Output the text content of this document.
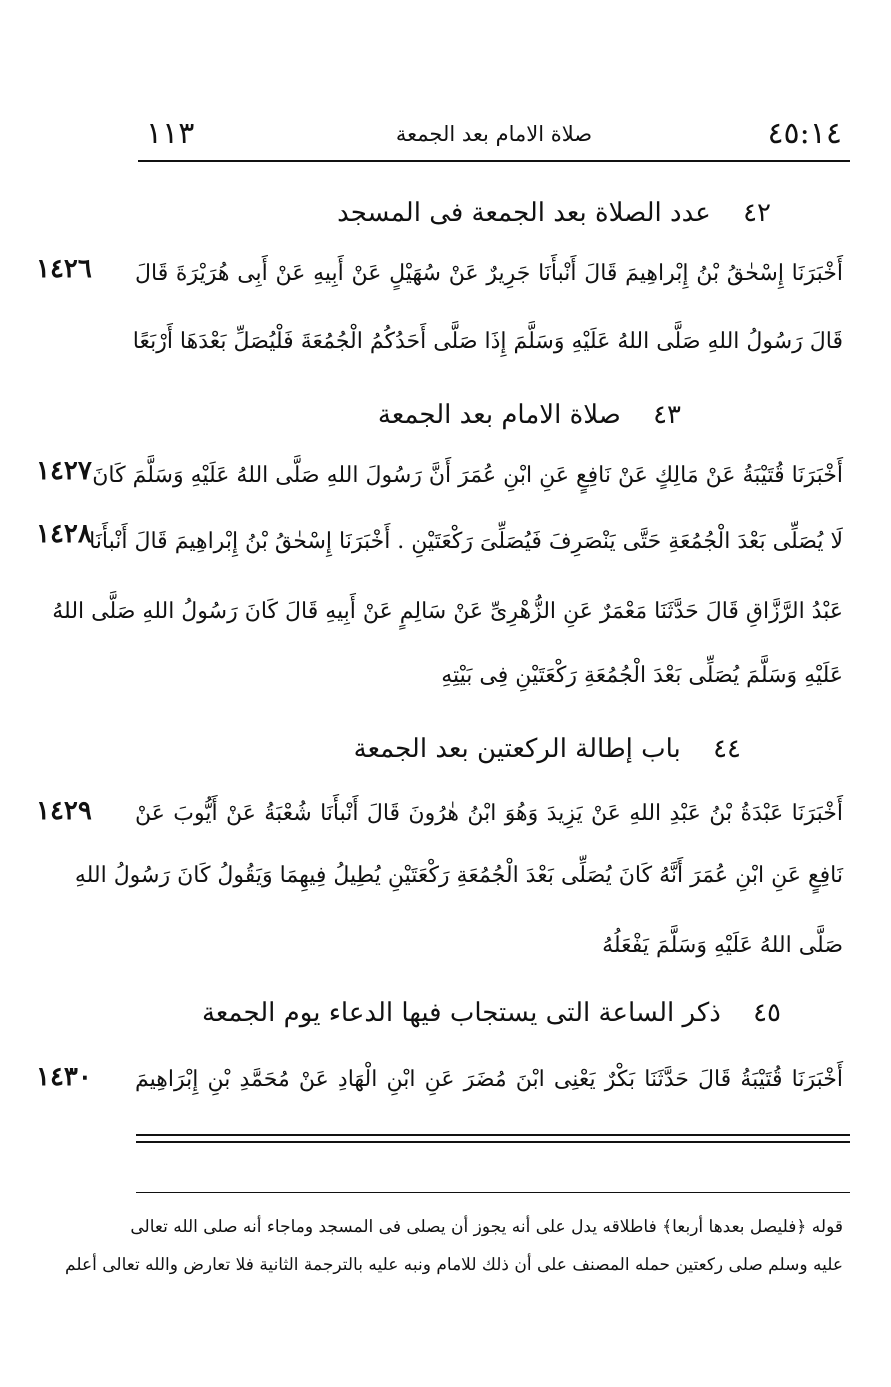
١١٣	صلاة الامام بعد الجمعة	٤٥:١٤
٤٢ عدد الصلاة بعد الجمعة فى المسجد
١٤٢٦	أَخْبَرَنَا إِسْحٰقُ بْنُ إِبْراهِيمَ قَالَ أَنْبأَنَا جَرِيرٌ عَنْ سُهَيْلٍ عَنْ أَبِيهِ عَنْ أَبِى هُرَيْرَةَ قَالَ
قَالَ رَسُولُ اللهِ صَلَّى اللهُ عَلَيْهِ وَسَلَّمَ إِذَا صَلَّى أَحَدُكُمُ الْجُمُعَةَ فَلْيُصَلِّ بَعْدَهَا أَرْبَعًا
٤٣ صلاة الامام بعد الجمعة
١٤٢٧ أَخْبَرَنَا قُتَيْبَةُ عَنْ مَالِكٍ عَنْ نَافِعٍ عَنِ ابْنِ عُمَرَ أَنَّ رَسُولَ اللهِ صَلَّى اللهُ عَلَيْهِ وَسَلَّمَ كَانَ
١٤٢٨
لَا يُصَلِّى بَعْدَ الْجُمُعَةِ حَتَّى يَنْصَرِفَ فَيُصَلِّىَ رَكْعَتَيْنِ . أَخْبَرَنَا إِسْحٰقُ بْنُ إِبْراهِيمَ قَالَ أَنْبأَنَا
عَبْدُ الرَّزَّاقِ قَالَ حَدَّثَنَا مَعْمَرٌ عَنِ الزُّهْرِىِّ عَنْ سَالِمٍ عَنْ أَبِيهِ قَالَ كَانَ رَسُولُ اللهِ صَلَّى اللهُ
عَلَيْهِ وَسَلَّمَ يُصَلِّى بَعْدَ الْجُمُعَةِ رَكْعَتَيْنِ فِى بَيْتِهِ
٤٤ باب إطالة الركعتين بعد الجمعة
١٤٢٩	أَخْبَرَنَا عَبْدَةُ بْنُ عَبْدِ اللهِ عَنْ يَزِيدَ وَهُوَ ابْنُ هٰرُونَ قَالَ أَنْبأَنَا شُعْبَةُ عَنْ أَيُّوبَ عَنْ
نَافِعٍ عَنِ ابْنِ عُمَرَ أَنَّهُ كَانَ يُصَلِّى بَعْدَ الْجُمُعَةِ رَكْعَتَيْنِ يُطِيلُ فِيهِمَا وَيَقُولُ كَانَ رَسُولُ اللهِ
صَلَّى اللهُ عَلَيْهِ وَسَلَّمَ يَفْعَلُهُ
٤٥ ذكر الساعة التى يستجاب فيها الدعاء يوم الجمعة
١٤٣٠	أَخْبَرَنَا قُتَيْبَةُ قَالَ حَدَّثَنَا بَكْرٌ يَعْنِى ابْنَ مُضَرَ عَنِ ابْنِ الْهَادِ عَنْ مُحَمَّدِ بْنِ إِبْرَاهِيمَ
قوله ﴿فليصل بعدها أربعا﴾ فاطلاقه يدل على أنه يجوز أن يصلى فى المسجد وماجاء أنه صلى الله تعالى
عليه وسلم صلى ركعتين حمله المصنف على أن ذلك للامام ونبه عليه بالترجمة الثانية فلا تعارض والله تعالى أعلم
